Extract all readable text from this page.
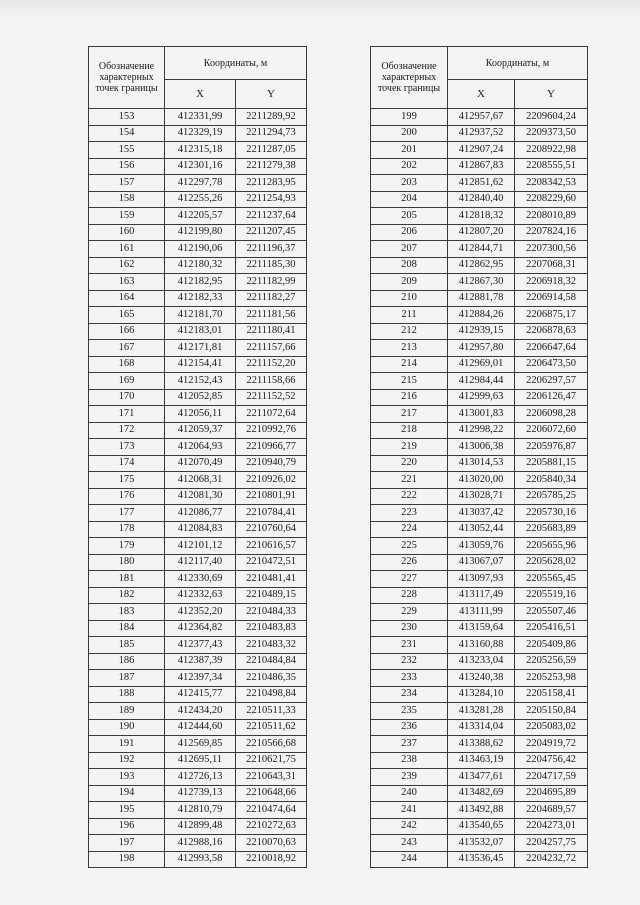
Обозначение характерных точек границы	Координаты, м	
	X	Y
153	412331,99	2211289,92
154	412329,19	2211294,73
155	412315,18	2211287,05
156	412301,16	2211279,38
157	412297,78	2211283,95
158	412255,26	2211254,93
159	412205,57	2211237,64
160	412199,80	2211207,45
161	412190,06	2211196,37
162	412180,32	2211185,30
163	412182,95	2211182,99
164	412182,33	2211182,27
165	412181,70	2211181,56
166	412183,01	2211180,41
167	412171,81	2211157,66
168	412154,41	2211152,20
169	412152,43	2211158,66
170	412052,85	2211152,52
171	412056,11	2211072,64
172	412059,37	2210992,76
173	412064,93	2210966,77
174	412070,49	2210940,79
175	412068,31	2210926,02
176	412081,30	2210801,91
177	412086,77	2210784,41
178	412084,83	2210760,64
179	412101,12	2210616,57
180	412117,40	2210472,51
181	412330,69	2210481,41
182	412332,63	2210489,15
183	412352,20	2210484,33
184	412364,82	2210483,83
185	412377,43	2210483,32
186	412387,39	2210484,84
187	412397,34	2210486,35
188	412415,77	2210498,84
189	412434,20	2210511,33
190	412444,60	2210511,62
191	412569,85	2210566,68
192	412695,11	2210621,75
193	412726,13	2210643,31
194	412739,13	2210648,66
195	412810,79	2210474,64
196	412899,48	2210272,63
197	412988,16	2210070,63
198	412993,58	2210018,92
Обозначение характерных точек границы	Координаты, м	
	X	Y
199	412957,67	2209604,24
200	412937,52	2209373,50
201	412907,24	2208922,98
202	412867,83	2208555,51
203	412851,62	2208342,53
204	412840,40	2208229,60
205	412818,32	2208010,89
206	412807,20	2207824,16
207	412844,71	2207300,56
208	412862,95	2207068,31
209	412867,30	2206918,32
210	412881,78	2206914,58
211	412884,26	2206875,17
212	412939,15	2206878,63
213	412957,80	2206647,64
214	412969,01	2206473,50
215	412984,44	2206297,57
216	412999,63	2206126,47
217	413001,83	2206098,28
218	412998,22	2206072,60
219	413006,38	2205976,87
220	413014,53	2205881,15
221	413020,00	2205840,34
222	413028,71	2205785,25
223	413037,42	2205730,16
224	413052,44	2205683,89
225	413059,76	2205655,96
226	413067,07	2205628,02
227	413097,93	2205565,45
228	413117,49	2205519,16
229	413111,99	2205507,46
230	413159,64	2205416,51
231	413160,88	2205409,86
232	413233,04	2205256,59
233	413240,38	2205253,98
234	413284,10	2205158,41
235	413281,28	2205150,84
236	413314,04	2205083,02
237	413388,62	2204919,72
238	413463,19	2204756,42
239	413477,61	2204717,59
240	413482,69	2204695,89
241	413492,88	2204689,57
242	413540,65	2204273,01
243	413532,07	2204257,75
244	413536,45	2204232,72
